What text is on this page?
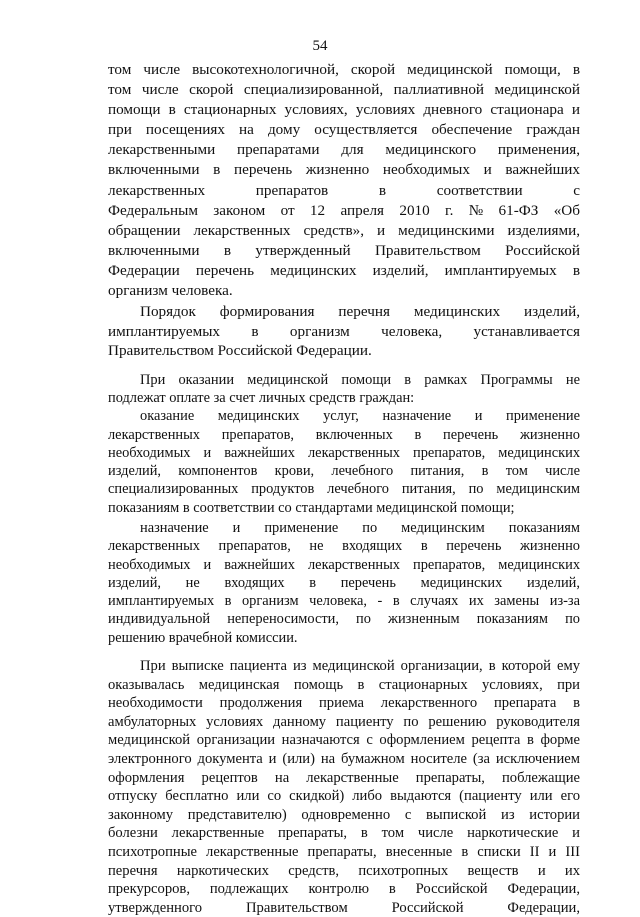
54

том числе высокотехнологичной, скорой медицинской помощи, в
том числе скорой специализированной, паллиативной медицинской
помощи в стационарных условиях, условиях дневного стационара и
при посещениях на дому осуществляется обеспечение граждан
лекарственными препаратами для медицинского применения,
включенными в перечень жизненно необходимых и важнейших
лекарственных препаратов в соответствии с
Федеральным законом от 12 апреля 2010 г. № 61-ФЗ «Об
обращении лекарственных средств», и медицинскими изделиями,
включенными в утвержденный Правительством Российской
Федерации перечень медицинских изделий, имплантируемых в
организм человека.

Порядок формирования перечня медицинских изделий,
имплантируемых в организм человека, устанавливается
Правительством Российской Федерации.

При оказании медицинской помощи в рамках Программы не
подлежат оплате за счет личных средств граждан:

оказание медицинских услуг, назначение и применение
лекарственных препаратов, включенных в перечень жизненно
необходимых и важнейших лекарственных препаратов, медицинских
изделий, компонентов крови, лечебного питания, в том числе
специализированных продуктов лечебного питания, по медицинским
показаниям в соответствии со стандартами медицинской помощи;

назначение и применение по медицинским показаниям
лекарственных препаратов, не входящих в перечень жизненно
необходимых и важнейших лекарственных препаратов, медицинских
изделий, не входящих в перечень медицинских изделий,
имплантируемых в организм человека, - в случаях их замены из-за
индивидуальной непереносимости, по жизненным показаниям по
решению врачебной комиссии.

При выписке пациента из медицинской организации, в которой ему
оказывалась медицинская помощь в стационарных условиях, при
необходимости продолжения приема лекарственного препарата в
амбулаторных условиях данному пациенту по решению руководителя
медицинской организации назначаются с оформлением рецепта в форме
электронного документа и (или) на бумажном носителе (за исключением
оформления рецептов на лекарственные препараты, поблежащие
отпуску бесплатно или со скидкой) либо выдаются (пациенту или его
законному представителю) одновременно с выпиской из истории
болезни лекарственные препараты, в том числе наркотические и
психотропные лекарственные препараты, внесенные в списки II и III
перечня наркотических средств, психотропных веществ и их
прекурсоров, подлежащих контролю в Российской Федерации,
утвержденного Правительством Российской Федерации,
